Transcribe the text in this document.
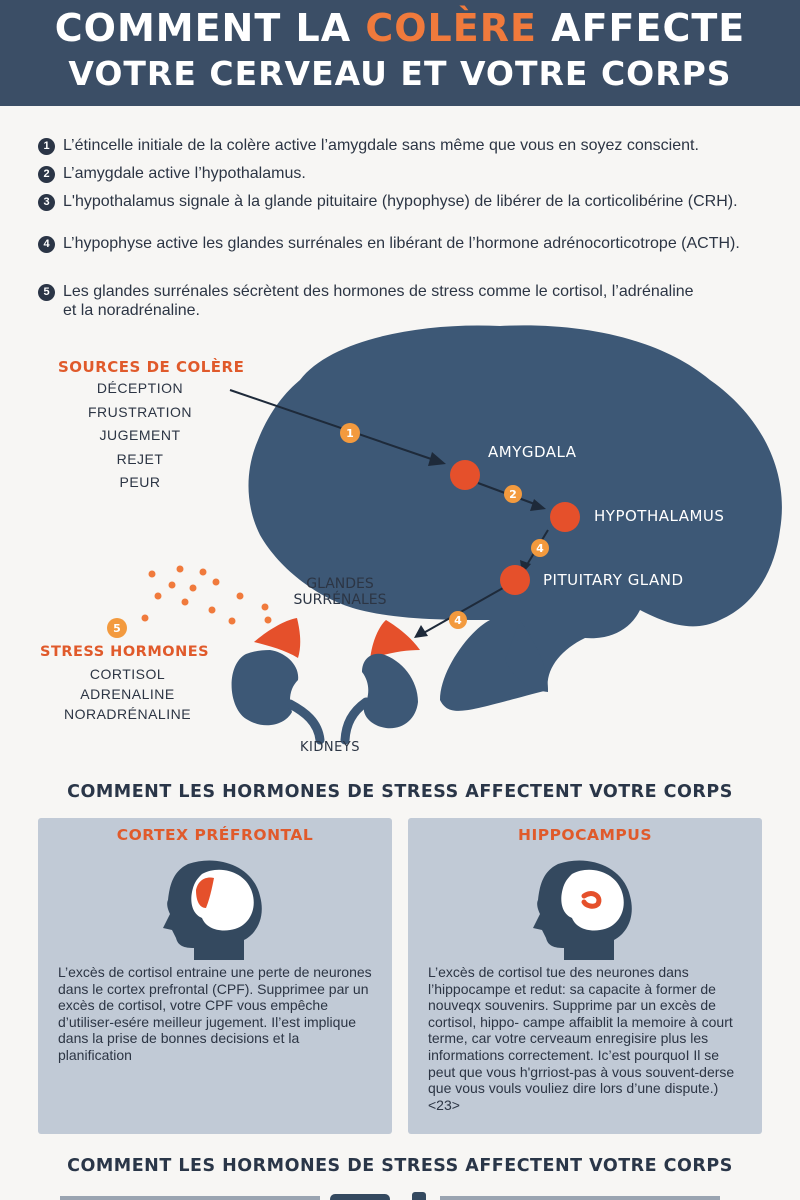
COMMENT LA COLÈRE AFFECTE
VOTRE CERVEAU ET VOTRE CORPS
1 L’étincelle initiale de la colère active l’amygdale sans même que vous en soyez conscient.
2 L’amygdale active l’hypothalamus.
3 L'hypothalamus signale à la glande pituitaire (hypophyse) de libérer de la corticolibérine (CRH).
4 L’hypophyse active les glandes surrénales en libérant de l’hormone adrénocorticotrope (ACTH).
5 Les glandes surrénales sécrètent des hormones de stress comme le cortisol, l’adrénaline et la noradrénaline.
1
2
4
4
5
SOURCES DE COLÈRE
DÉCEPTION
FRUSTRATION
JUGEMENT
REJET
PEUR
AMYGDALA
HYPOTHALAMUS
PITUITARY GLAND
GLANDES SURRÉNALES
STRESS HORMONES
CORTISOL
ADRENALINE
NORADRÉNALINE
KIDNEYS
COMMENT LES HORMONES DE STRESS AFFECTENT VOTRE CORPS
CORTEX PRÉFRONTAL
L’excès de cortisol entraine une perte de neurones dans le cortex prefrontal (CPF). Supprimee par un excès de cortisol, votre CPF vous empêche d’utiliser-esére meilleur jugement. Il’est implique dans la prise de bonnes decisions et la planification
HIPPOCAMPUS
L’excès de cortisol tue des neurones dans l’hippocampe et redut: sa capacite à former de nouveqx souvenirs. Supprime par un excès de cortisol, hippo- campe affaiblit la memoire à court terme, car votre cerveaum enregisire plus les informations correctement. Ic’est pourquoI Il se peut que vous h'grriost-pas à vous souvent-derse que vous vouls vouliez dire lors d’une dispute.) <23>
COMMENT LES HORMONES DE STRESS AFFECTENT VOTRE CORPS
